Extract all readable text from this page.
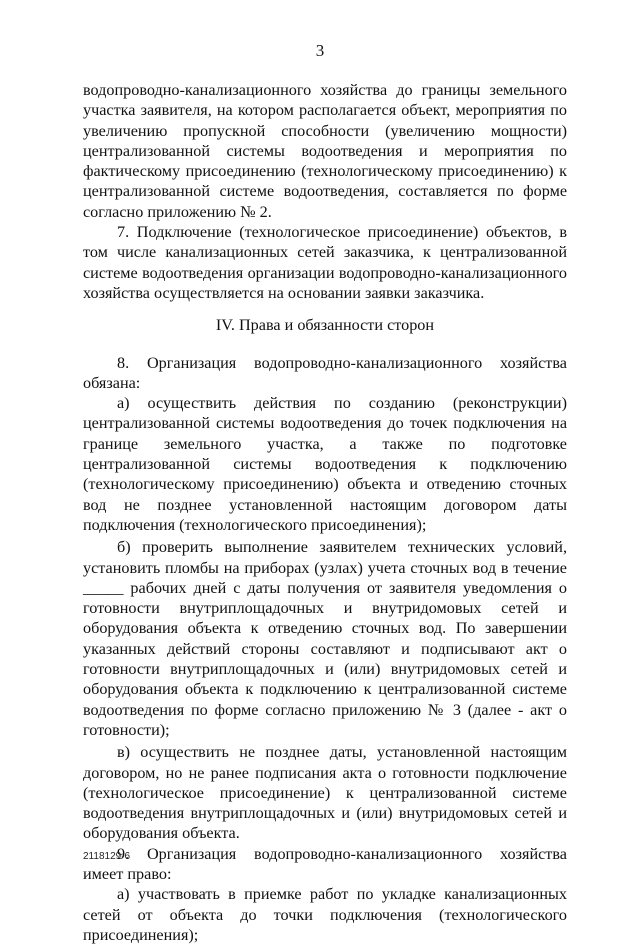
3

водопроводно-канализационного хозяйства до границы земельного участка заявителя, на котором располагается объект, мероприятия по увеличению пропускной способности (увеличению мощности) централизованной системы водоотведения и мероприятия по фактическому присоединению (технологическому присоединению) к централизованной системе водоотведения, составляется по форме согласно приложению № 2.

7. Подключение (технологическое присоединение) объектов, в том числе канализационных сетей заказчика, к централизованной системе водоотведения организации водопроводно-канализационного хозяйства осуществляется на основании заявки заказчика.

IV. Права и обязанности сторон

8. Организация водопроводно-канализационного хозяйства обязана:

а) осуществить действия по созданию (реконструкции) централизованной системы водоотведения до точек подключения на границе земельного участка, а также по подготовке централизованной системы водоотведения к подключению (технологическому присоединению) объекта и отведению сточных вод не позднее установленной настоящим договором даты подключения (технологического присоединения);

б) проверить выполнение заявителем технических условий, установить пломбы на приборах (узлах) учета сточных вод в течение _____ рабочих дней с даты получения от заявителя уведомления о готовности внутриплощадочных и внутридомовых сетей и оборудования объекта к отведению сточных вод. По завершении указанных действий стороны составляют и подписывают акт о готовности внутриплощадочных и (или) внутридомовых сетей и оборудования объекта к подключению к централизованной системе водоотведения по форме согласно приложению № 3 (далее - акт о готовности);

в) осуществить не позднее даты, установленной настоящим договором, но не ранее подписания акта о готовности подключение (технологическое присоединение) к централизованной системе водоотведения внутриплощадочных и (или) внутридомовых сетей и оборудования объекта.

9. Организация водопроводно-канализационного хозяйства имеет право:

а) участвовать в приемке работ по укладке канализационных сетей от объекта до точки подключения (технологического присоединения);

2118129-6
